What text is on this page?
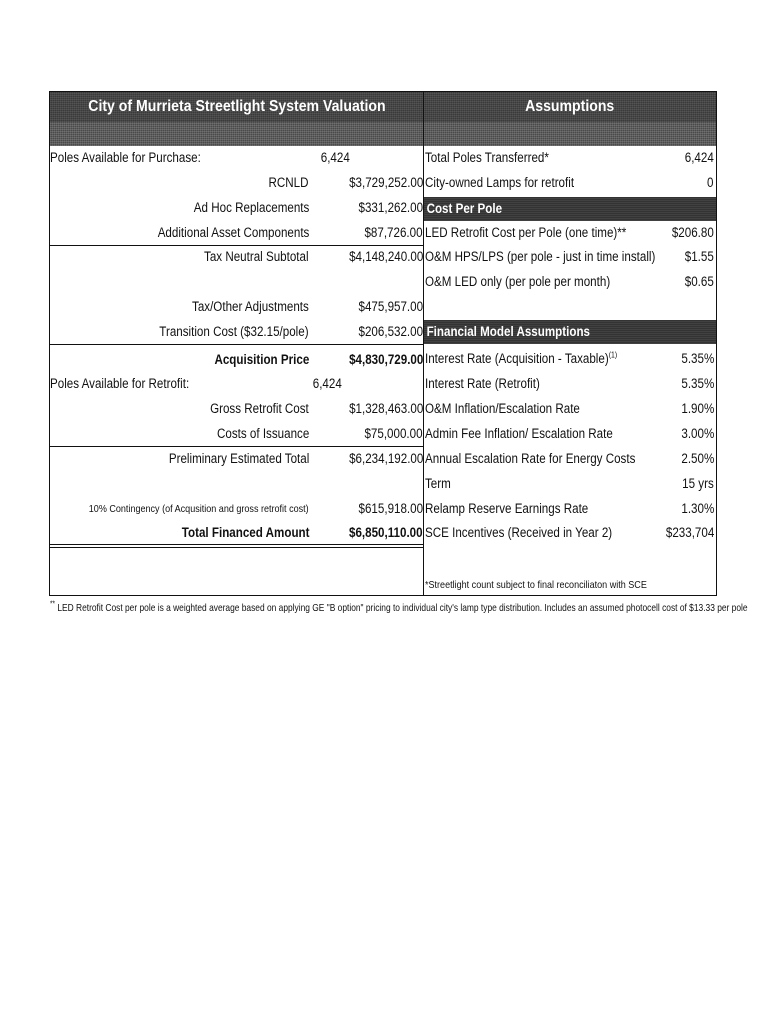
City of Murrieta Streetlight System Valuation	Assumptions
Poles Available for Purchase:	6,424
RCNLD	$3,729,252.00
Ad Hoc Replacements	$331,262.00
Additional Asset Components	$87,726.00
Tax Neutral Subtotal	$4,148,240.00
Tax/Other Adjustments	$475,957.00
Transition Cost ($32.15/pole)	$206,532.00
Acquisition Price	$4,830,729.00
Poles Available for Retrofit:	6,424
Gross Retrofit Cost	$1,328,463.00
Costs of Issuance	$75,000.00
Preliminary Estimated Total	$6,234,192.00
10% Contingency (of Acqusition and gross retrofit cost)	$615,918.00
Total Financed Amount	$6,850,110.00
Total Poles Transferred*	6,424
City-owned Lamps for retrofit	0
Cost Per Pole
LED Retrofit Cost per Pole (one time)**	$206.80
O&M HPS/LPS (per pole - just in time install) $1.55
O&M LED only (per pole per month)	$0.65
Financial Model Assumptions
Interest Rate (Acquisition - Taxable)$^{(1)}$	5.35%
Interest Rate (Retrofit)	5.35%
O&M Inflation/Escalation Rate	1.90%
Admin Fee Inflation/ Escalation Rate	3.00%
Annual Escalation Rate for Energy Costs	2.50%
Term	15 yrs
Relamp Reserve Earnings Rate	1.30%
SCE Incentives (Received in Year 2)	$233,704
*Streetlight count subject to final reconciliaton with SCE
** LED Retrofit Cost per pole is a weighted average based on applying GE "B option" pricing to individual city's lamp type distribution. Includes an assumed photocell cost of $13.33 per pole
